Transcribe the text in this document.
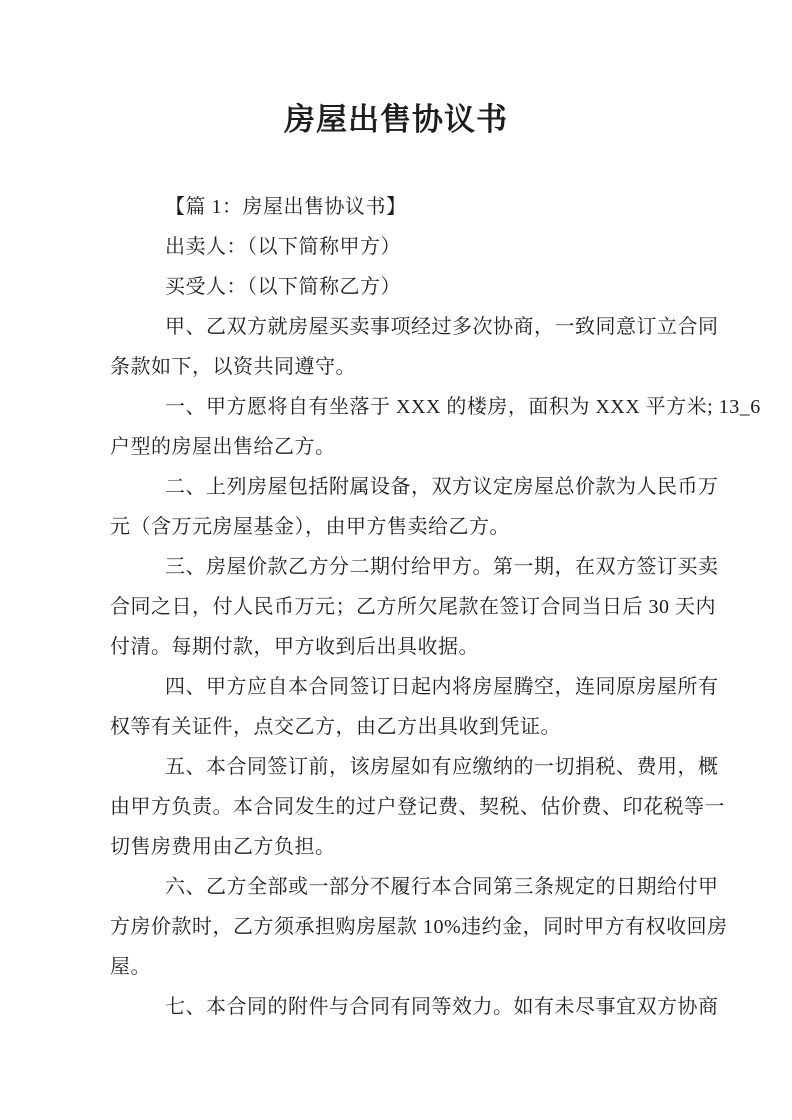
房屋出售协议书
【篇 1：房屋出售协议书】
出卖人：（以下简称甲方）
买受人：（以下简称乙方）
甲、乙双方就房屋买卖事项经过多次协商，一致同意订立合同
条款如下，以资共同遵守。
一、甲方愿将自有坐落于 XXX 的楼房，面积为 XXX 平方米; 13_6
户型的房屋出售给乙方。
二、上列房屋包括附属设备，双方议定房屋总价款为人民币万
元（含万元房屋基金），由甲方售卖给乙方。
三、房屋价款乙方分二期付给甲方。第一期，在双方签订买卖
合同之日，付人民币万元；乙方所欠尾款在签订合同当日后 30 天内
付清。每期付款，甲方收到后出具收据。
四、甲方应自本合同签订日起内将房屋腾空，连同原房屋所有
权等有关证件，点交乙方，由乙方出具收到凭证。
五、本合同签订前，该房屋如有应缴纳的一切捐税、费用，概
由甲方负责。本合同发生的过户登记费、契税、估价费、印花税等一
切售房费用由乙方负担。
六、乙方全部或一部分不履行本合同第三条规定的日期给付甲
方房价款时，乙方须承担购房屋款 10%违约金，同时甲方有权收回房
屋。
七、本合同的附件与合同有同等效力。如有未尽事宜双方协商
